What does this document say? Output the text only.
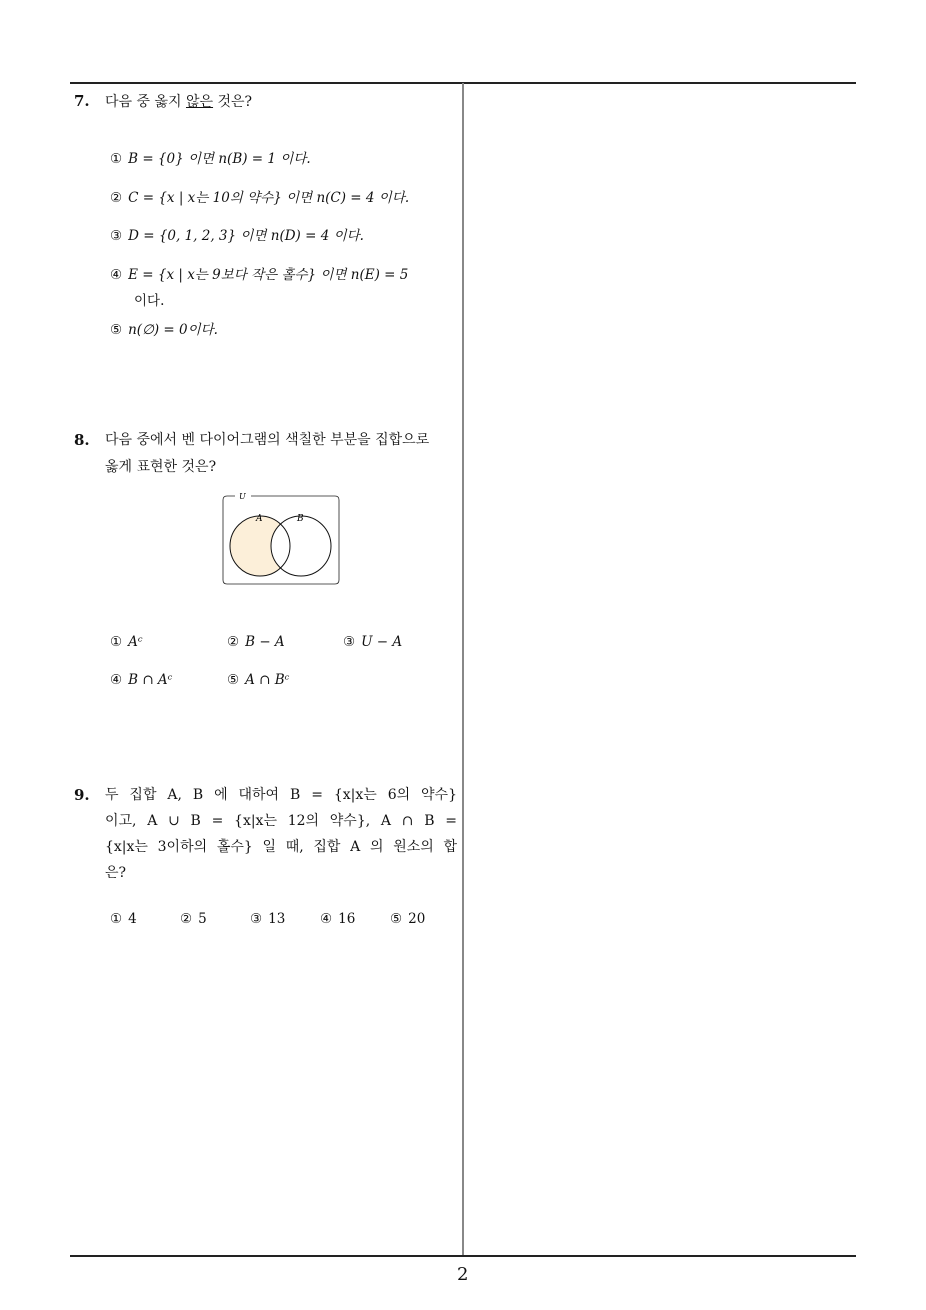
7. 다음 중 옳지 않은 것은?
① B = {0} 이면 n(B) = 1 이다.
② C = {x | x는 10의 약수} 이면 n(C) = 4 이다.
③ D = {0, 1, 2, 3} 이면 n(D) = 4 이다.
④ E = {x | x는 9보다 작은 홀수} 이면 n(E) = 5
이다.
⑤ n(∅) = 0이다.
8. 다음 중에서 벤 다이어그램의 색칠한 부분을 집합으로
옳게 표현한 것은?
U
A	B
① Aᶜ	② B − A	③ U − A
④ B ∩ Aᶜ	⑤ A ∩ Bᶜ
9. 두 집합 A, B 에 대하여 B = {x|x는 6의 약수}
이고, A ∪ B = {x|x는 12의 약수}, A ∩ B =
{x|x는 3이하의 홀수} 일 때, 집합 A 의 원소의 합
은?
① 4	② 5	③ 13	④ 16	⑤ 20
2
